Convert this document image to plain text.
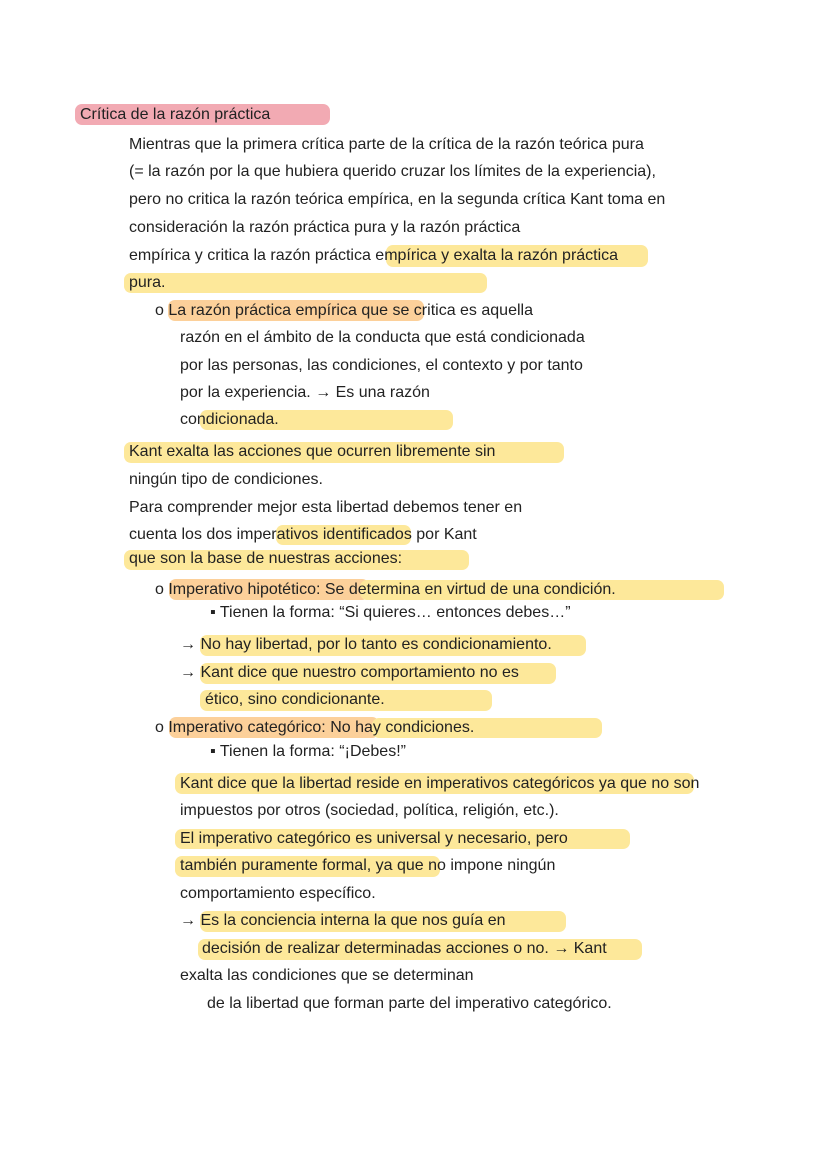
Crítica de la razón práctica
Mientras que la primera crítica parte de la crítica de la razón teórica pura
(= la razón por la que hubiera querido cruzar los límites de la experiencia),
pero no critica la razón teórica empírica, en la segunda crítica Kant toma en
consideración la razón práctica pura y la razón práctica
empírica y critica la razón práctica empírica y exalta la razón práctica
pura.
o La razón práctica empírica que se critica es aquella
razón en el ámbito de la conducta que está condicionada
por las personas, las condiciones, el contexto y por tanto
por la experiencia. → Es una razón
condicionada.
Kant exalta las acciones que ocurren libremente sin
ningún tipo de condiciones.
Para comprender mejor esta libertad debemos tener en
cuenta los dos imperativos identificados por Kant
que son la base de nuestras acciones:
o Imperativo hipotético: Se determina en virtud de una condición.
▪ Tienen la forma: “Si quieres… entonces debes…”
→ No hay libertad, por lo tanto es condicionamiento.
→ Kant dice que nuestro comportamiento no es
ético, sino condicionante.
o Imperativo categórico: No hay condiciones.
▪ Tienen la forma: “¡Debes!”
Kant dice que la libertad reside en imperativos categóricos ya que no son
impuestos por otros (sociedad, política, religión, etc.).
El imperativo categórico es universal y necesario, pero
también puramente formal, ya que no impone ningún
comportamiento específico.
→ Es la conciencia interna la que nos guía en
decisión de realizar determinadas acciones o no. → Kant
exalta las condiciones que se determinan
de la libertad que forman parte del imperativo categórico.
